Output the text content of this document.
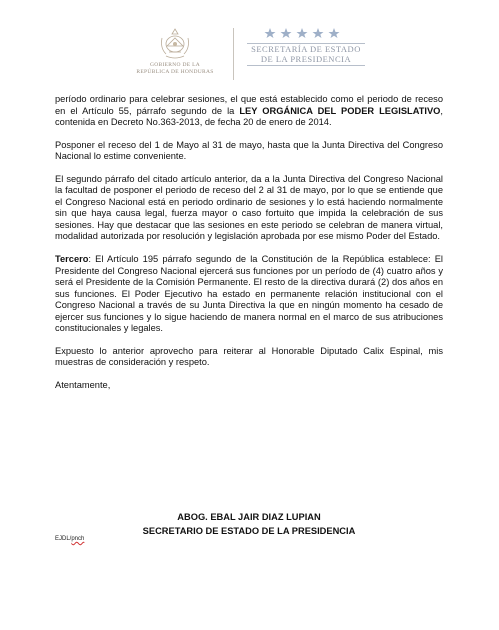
GOBIERNO DE LA
REPÚBLICA DE HONDURAS
SECRETARÍA DE ESTADO
DE LA PRESIDENCIA

período ordinario para celebrar sesiones, el que está establecido como el periodo de receso en el Artículo 55, párrafo segundo de la LEY ORGÁNICA DEL PODER LEGISLATIVO, contenida en Decreto No.363-2013, de fecha 20 de enero de 2014.

Posponer el receso del 1 de Mayo al 31 de mayo, hasta que la Junta Directiva del Congreso Nacional lo estime conveniente.

El segundo párrafo del citado artículo anterior, da a la Junta Directiva del Congreso Nacional la facultad de posponer el periodo de receso del 2 al 31 de mayo, por lo que se entiende que el Congreso Nacional está en periodo ordinario de sesiones y lo está haciendo normalmente sin que haya causa legal, fuerza mayor o caso fortuito que impida la celebración de sus sesiones. Hay que destacar que las sesiones en este periodo se celebran de manera virtual, modalidad autorizada por resolución y legislación aprobada por ese mismo Poder del Estado.

Tercero: El Artículo 195 párrafo segundo de la Constitución de la República establece: El Presidente del Congreso Nacional ejercerá sus funciones por un período de (4) cuatro años y será el Presidente de la Comisión Permanente. El resto de la directiva durará (2) dos años en sus funciones. El Poder Ejecutivo ha estado en permanente relación institucional con el Congreso Nacional a través de su Junta Directiva la que en ningún momento ha cesado de ejercer sus funciones y lo sigue haciendo de manera normal en el marco de sus atribuciones constitucionales y legales.

Expuesto lo anterior aprovecho para reiterar al Honorable Diputado Calix Espinal, mis muestras de consideración y respeto.

Atentamente,

ABOG. EBAL JAIR DIAZ LUPIAN
SECRETARIO DE ESTADO DE LA PRESIDENCIA
EJDL/pnch
